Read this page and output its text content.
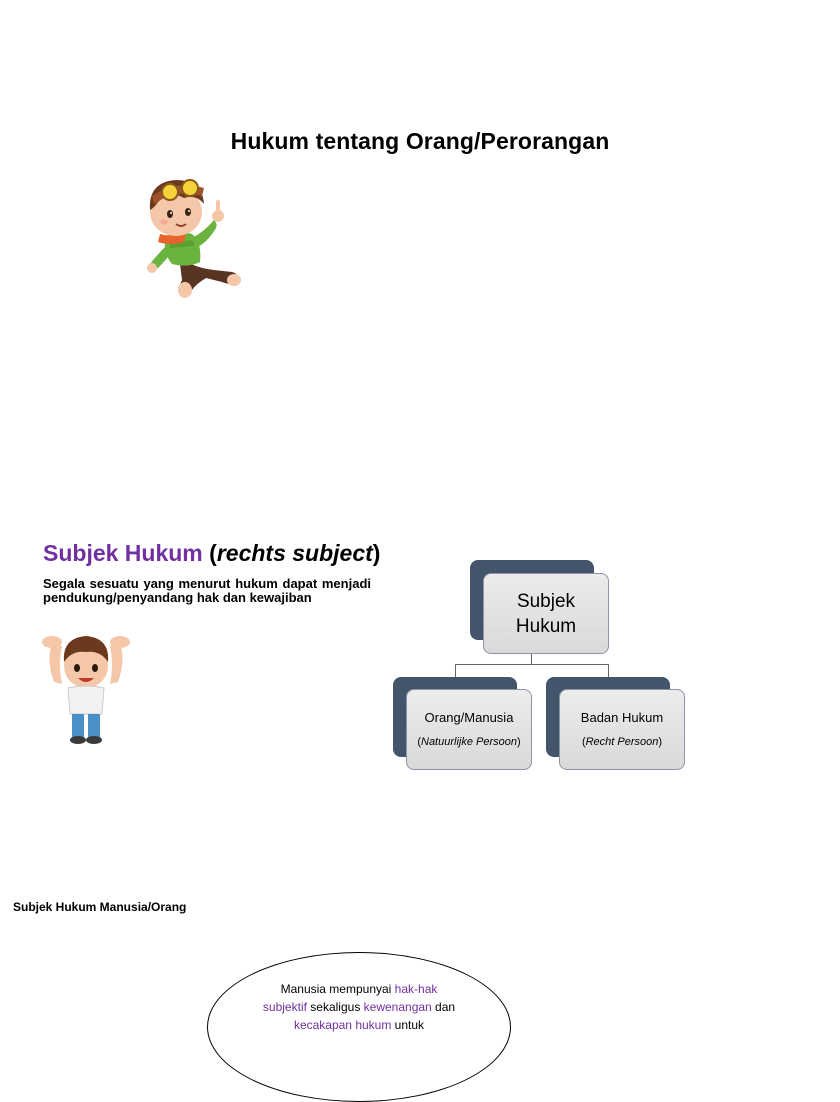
Hukum tentang Orang/Perorangan
Subjek Hukum (rechts subject)
Segala sesuatu yang menurut hukum dapat menjadi pendukung/penyandang hak dan kewajiban	Subjek
Hukum
Orang/Manusia
(Natuurlijke Persoon)
Badan Hukum
(Recht Persoon)
Subjek Hukum Manusia/Orang
Manusia mempunyai hak-hak subjektif sekaligus kewenangan dan kecakapan hukum untuk
